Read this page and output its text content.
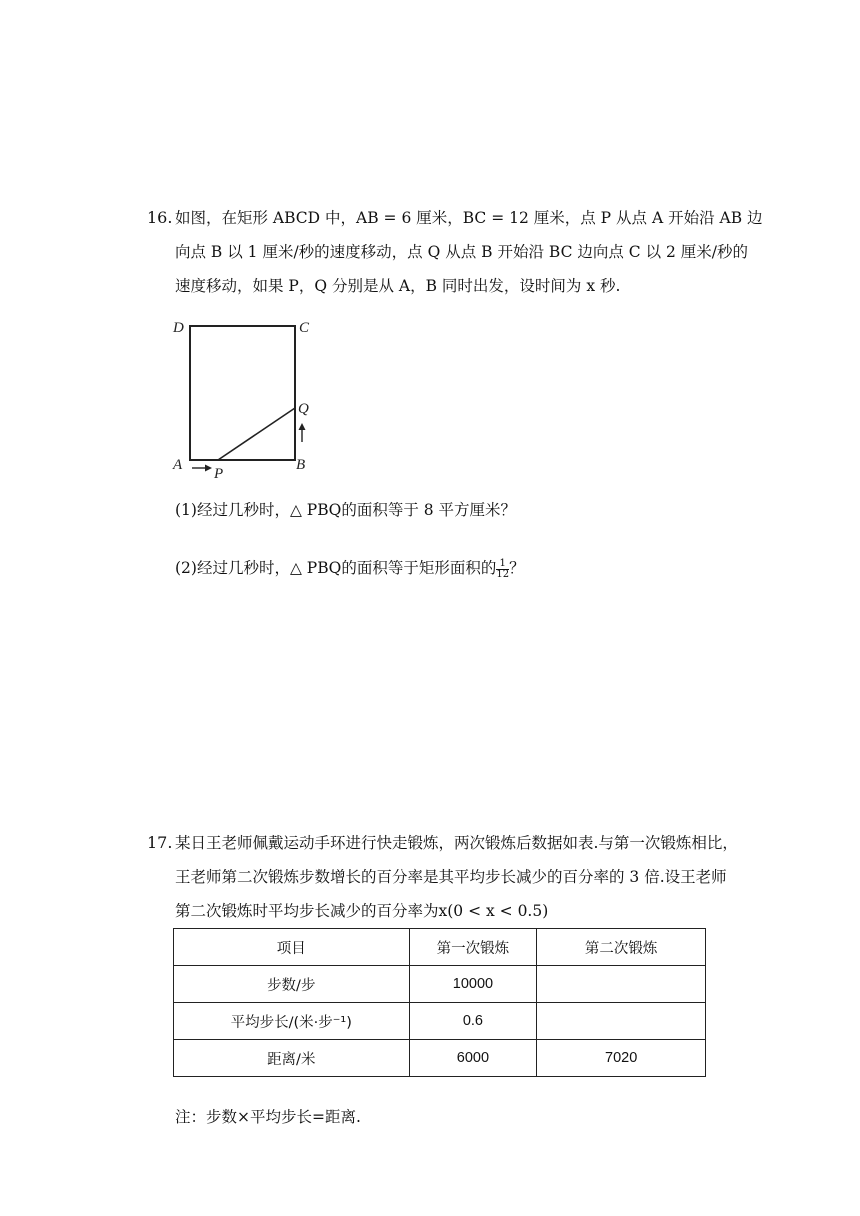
16. 如图，在矩形 ABCD 中，AB = 6 厘米，BC = 12 厘米，点 P 从点 A 开始沿 AB 边
向点 B 以 1 厘米/秒的速度移动，点 Q 从点 B 开始沿 BC 边向点 C 以 2 厘米/秒的
速度移动，如果 P，Q 分别是从 A，B 同时出发，设时间为 x 秒.
D	C
A	B
P
Q
(1)经过几秒时，△ PBQ的面积等于 8 平方厘米？
(2)经过几秒时，△ PBQ的面积等于矩形面积的 $\frac{1}{12}$ ？
17. 某日王老师佩戴运动手环进行快走锻炼，两次锻炼后数据如表.与第一次锻炼相比，
王老师第二次锻炼步数增长的百分率是其平均步长减少的百分率的 3 倍.设王老师
第二次锻炼时平均步长减少的百分率为x(0 < x < 0.5)
项目	第一次锻炼	第二次锻炼
步数/步	10000	
平均步长/(米·步⁻¹)	0.6	
距离/米	6000	7020
注：步数×平均步长=距离.
